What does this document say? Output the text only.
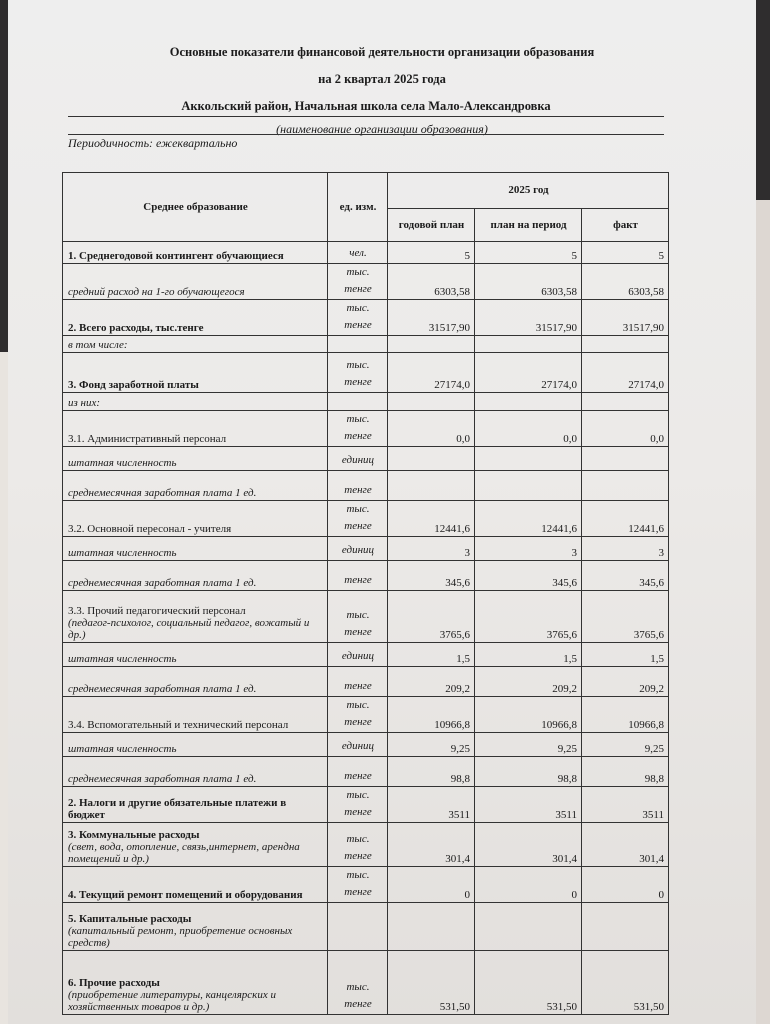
Основные показатели финансовой деятельности организации образования
на 2 квартал 2025 года
Аккольский район, Начальная школа села Мало-Александровка
(наименование организации образования)
Периодичность: ежеквартально
Среднее образование	ед. изм.	2025 год		
		годовой план	план на период	факт
1. Среднегодовой контингент обучающиеся	чел.	5	5	5
средний расход на 1-го обучающегося	тыс. тенге	6303,58	6303,58	6303,58
2. Всего расходы, тыс.тенге	тыс. тенге	31517,90	31517,90	31517,90
в том числе:				
3. Фонд заработной платы	тыс. тенге	27174,0	27174,0	27174,0
из них:				
3.1. Административный персонал	тыс. тенге	0,0	0,0	0,0
штатная численность	единиц			
среднемесячная заработная плата 1 ед.	тенге			
3.2. Основной пересонал - учителя	тыс. тенге	12441,6	12441,6	12441,6
штатная численность	единиц	3	3	3
среднемесячная заработная плата 1 ед.	тенге	345,6	345,6	345,6
3.3. Прочий педагогический персонал
(педагог-психолог, социальный педагог, вожатый и др.)	тыс. тенге	3765,6	3765,6	3765,6
штатная численность	единиц	1,5	1,5	1,5
среднемесячная заработная плата 1 ед.	тенге	209,2	209,2	209,2
3.4. Вспомогательный и технический персонал	тыс. тенге	10966,8	10966,8	10966,8
штатная численность	единиц	9,25	9,25	9,25
среднемесячная заработная плата 1 ед.	тенге	98,8	98,8	98,8
2. Налоги и другие обязательные платежи в бюджет	тыс. тенге	3511	3511	3511
3. Коммунальные расходы
(свет, вода, отопление, связь,интернет, арендна помещений и др.)	тыс. тенге	301,4	301,4	301,4
4. Текущий ремонт помещений и оборудования	тыс. тенге	0	0	0
5. Капитальные расходы
(капитальный ремонт, приобретение основных средств)				
6. Прочие расходы
(приобретение литературы, канцелярских и хозяйственных товаров и др.)	тыс. тенге	531,50	531,50	531,50
